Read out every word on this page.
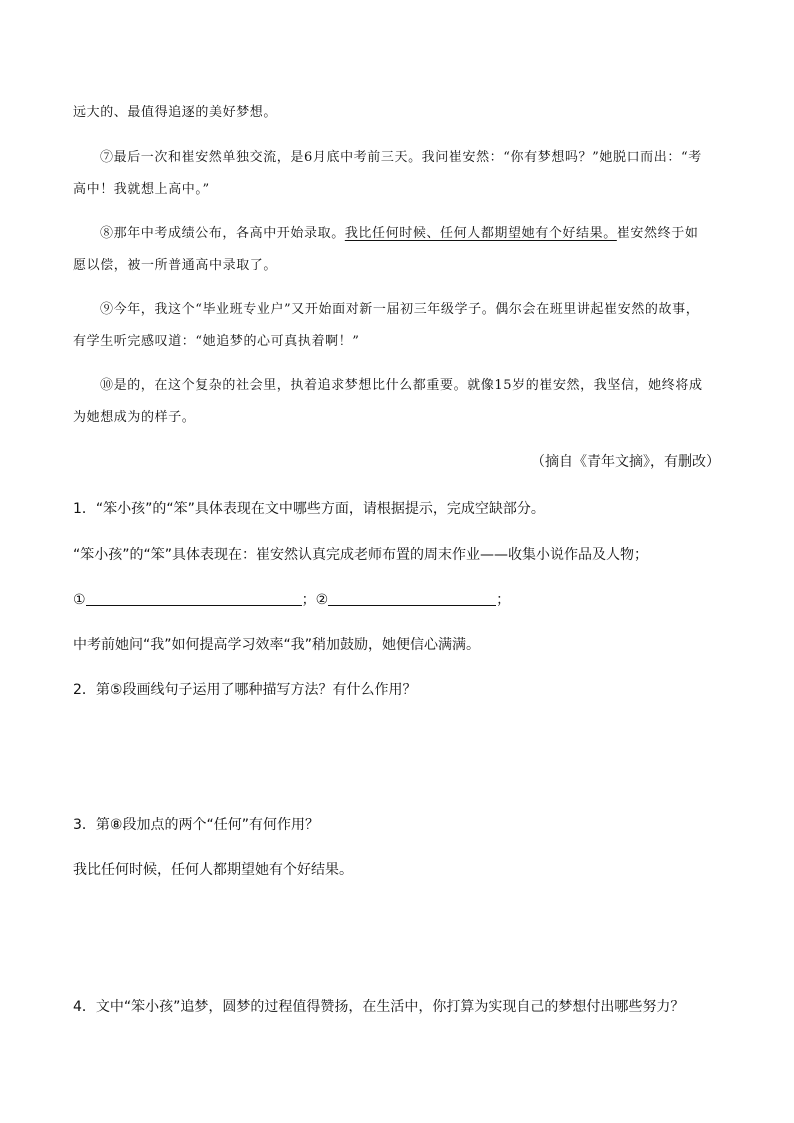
远大的、最值得追逐的美好梦想。
⑦最后一次和崔安然单独交流，是6月底中考前三天。我问崔安然：“你有梦想吗？”她脱口而出：“考
高中！我就想上高中。”
⑧那年中考成绩公布，各高中开始录取。我比任何时候、任何人都期望她有个好结果。崔安然终于如
愿以偿，被一所普通高中录取了。
⑨今年，我这个“毕业班专业户”又开始面对新一届初三年级学子。偶尔会在班里讲起崔安然的故事，
有学生听完感叹道：“她追梦的心可真执着啊！”
⑩是的，在这个复杂的社会里，执着追求梦想比什么都重要。就像15岁的崔安然，我坚信，她终将成
为她想成为的样子。
（摘自《青年文摘》，有删改）
1．“笨小孩”的“笨”具体表现在文中哪些方面，请根据提示，完成空缺部分。
“笨小孩”的“笨”具体表现在：崔安然认真完成老师布置的周末作业——收集小说作品及人物；
①	；②	；
中考前她问“我”如何提高学习效率“我”稍加鼓励，她便信心满满。
2．第⑤段画线句子运用了哪种描写方法？有什么作用？
3．第⑧段加点的两个“任何”有何作用？
我比任何时候，任何人都期望她有个好结果。
4．文中“笨小孩”追梦，圆梦的过程值得赞扬，在生活中，你打算为实现自己的梦想付出哪些努力？
